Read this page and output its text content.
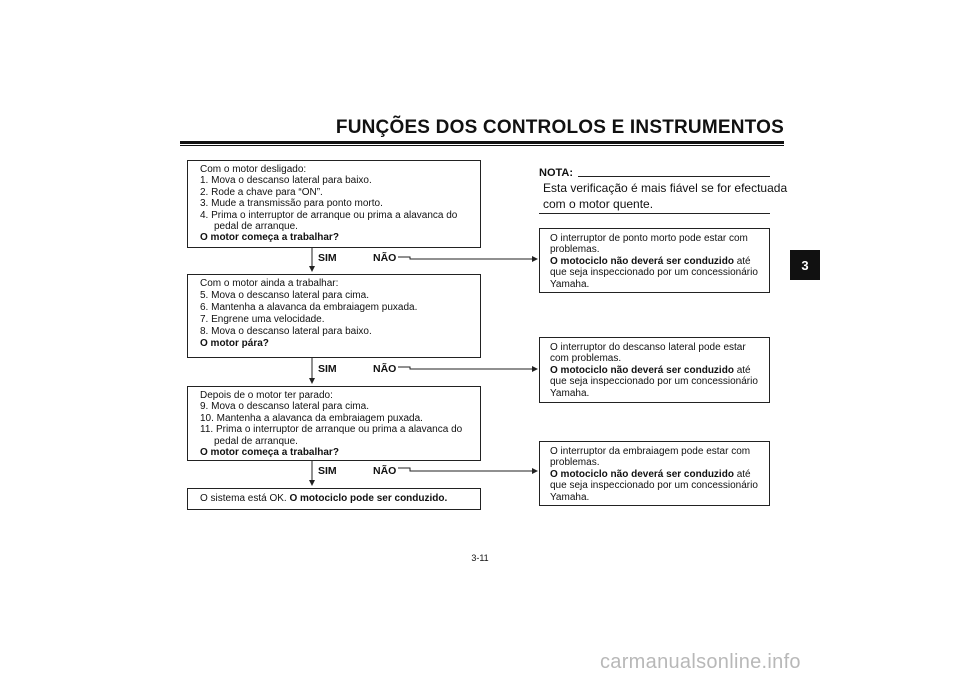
FUNÇÕES DOS CONTROLOS E INSTRUMENTOS
3
Com o motor desligado:
1. Mova o descanso lateral para baixo.
2. Rode a chave para “ON”.
3. Mude a transmissão para ponto morto.
4. Prima o interruptor de arranque ou prima a alavanca do
pedal de arranque.
O motor começa a trabalhar?
SIM	NÃO
Com o motor ainda a trabalhar:
5. Mova o descanso lateral para cima.
6. Mantenha a alavanca da embraiagem puxada.
7. Engrene uma velocidade.
8. Mova o descanso lateral para baixo.
O motor pára?
SIM	NÃO
Depois de o motor ter parado:
9. Mova o descanso lateral para cima.
10. Mantenha a alavanca da embraiagem puxada.
11. Prima o interruptor de arranque ou prima a alavanca do
pedal de arranque.
O motor começa a trabalhar?
SIM	NÃO
O sistema está OK. O motociclo pode ser conduzido.
NOTA:
Esta verificação é mais fiável se for efectuada
com o motor quente.
O interruptor de ponto morto pode estar com
problemas.
O motociclo não deverá ser conduzido até
que seja inspeccionado por um concessionário
Yamaha.
O interruptor do descanso lateral pode estar
com problemas.
O motociclo não deverá ser conduzido até
que seja inspeccionado por um concessionário
Yamaha.
O interruptor da embraiagem pode estar com
problemas.
O motociclo não deverá ser conduzido até
que seja inspeccionado por um concessionário
Yamaha.
3-11
carmanualsonline.info
